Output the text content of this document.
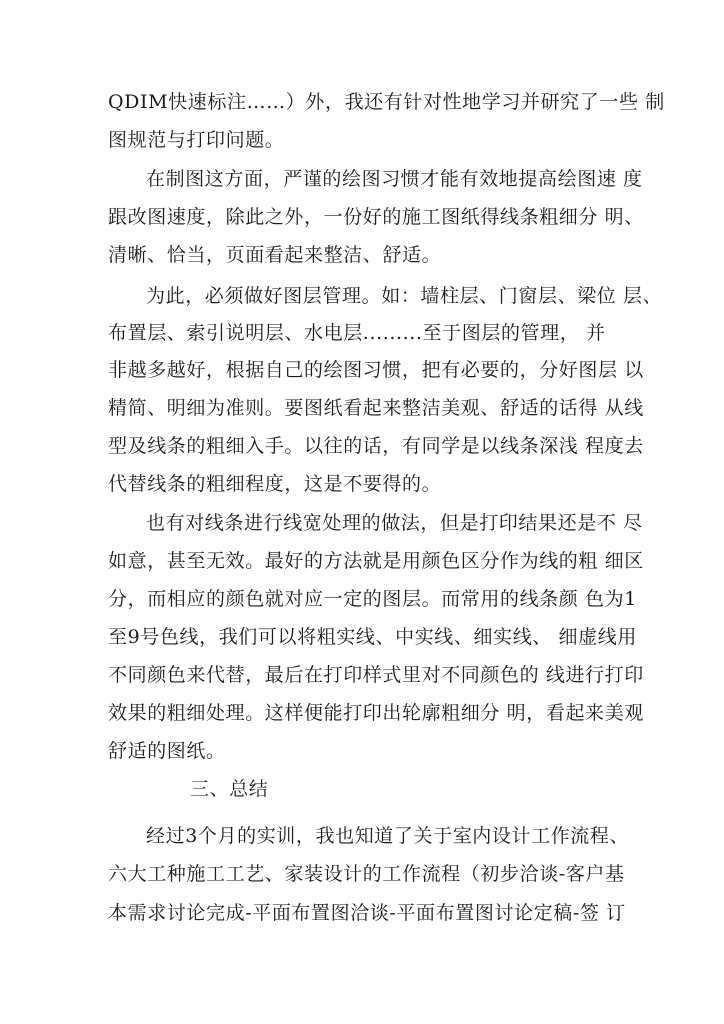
QDIM快速标注……）外，我还有针对性地学习并研究了一些 制
图规范与打印问题。
在制图这方面，严谨的绘图习惯才能有效地提高绘图速 度
跟改图速度，除此之外，一份好的施工图纸得线条粗细分 明、
清晰、恰当，页面看起来整洁、舒适。
为此，必须做好图层管理。如：墙柱层、门窗层、梁位 层、
布置层、索引说明层、水电层.........至于图层的管理， 并
非越多越好，根据自己的绘图习惯，把有必要的，分好图层 以
精简、明细为准则。要图纸看起来整洁美观、舒适的话得 从线
型及线条的粗细入手。以往的话，有同学是以线条深浅 程度去
代替线条的粗细程度，这是不要得的。
也有对线条进行线宽处理的做法，但是打印结果还是不 尽
如意，甚至无效。最好的方法就是用颜色区分作为线的粗 细区
分，而相应的颜色就对应一定的图层。而常用的线条颜 色为1
至9号色线，我们可以将粗实线、中实线、细实线、 细虚线用
不同颜色来代替，最后在打印样式里对不同颜色的 线进行打印
效果的粗细处理。这样便能打印出轮廓粗细分 明，看起来美观
舒适的图纸。
三、总结
经过3个月的实训，我也知道了关于室内设计工作流程、
六大工种施工工艺、家装设计的工作流程（初步洽谈-客户基
本需求讨论完成-平面布置图洽谈-平面布置图讨论定稿-签 订
